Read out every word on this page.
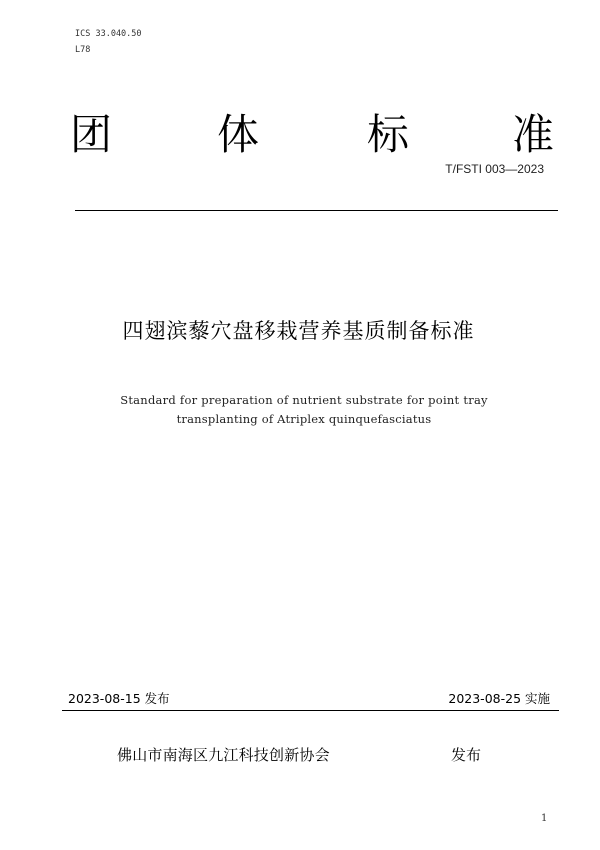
ICS 33.040.50
L78
团 体	标 准
T/FSTI 003—2023
四翅滨藜穴盘移栽营养基质制备标准
Standard for preparation of nutrient substrate for point tray
transplanting of Atriplex quinquefasciatus
2023-08-15 发布	2023-08-25 实施
佛山市南海区九江科技创新协会	发布
1
